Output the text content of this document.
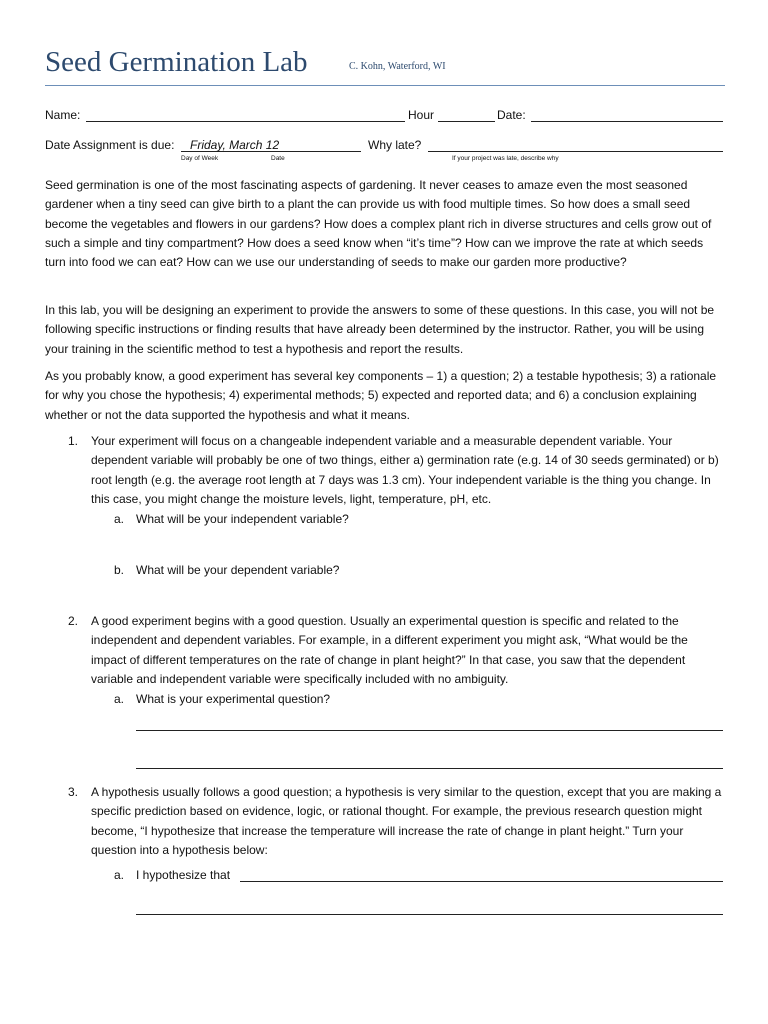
Seed Germination Lab	C. Kohn, Waterford, WI
Name:	Hour	Date:
Date Assignment is due: Friday, March 12
Day of Week	Date
Why late?
If your project was late, describe why

Seed germination is one of the most fascinating aspects of gardening. It never ceases to amaze even the most seasoned gardener when a tiny seed can give birth to a plant the can provide us with food multiple times. So how does a small seed become the vegetables and flowers in our gardens? How does a complex plant rich in diverse structures and cells grow out of such a simple and tiny compartment? How does a seed know when “it’s time”? How can we improve the rate at which seeds turn into food we can eat? How can we use our understanding of seeds to make our garden more productive?

In this lab, you will be designing an experiment to provide the answers to some of these questions. In this case, you will not be following specific instructions or finding results that have already been determined by the instructor. Rather, you will be using your training in the scientific method to test a hypothesis and report the results.

As you probably know, a good experiment has several key components – 1) a question; 2) a testable hypothesis; 3) a rationale for why you chose the hypothesis; 4) experimental methods; 5) expected and reported data; and 6) a conclusion explaining whether or not the data supported the hypothesis and what it means.

1. Your experiment will focus on a changeable independent variable and a measurable dependent variable. Your dependent variable will probably be one of two things, either a) germination rate (e.g. 14 of 30 seeds germinated) or b) root length (e.g. the average root length at 7 days was 1.3 cm). Your independent variable is the thing you change. In this case, you might change the moisture levels, light, temperature, pH, etc.

a. What will be your independent variable?
b. What will be your dependent variable?
2. A good experiment begins with a good question. Usually an experimental question is specific and related to the independent and dependent variables. For example, in a different experiment you might ask, “What would be the impact of different temperatures on the rate of change in plant height?” In that case, you saw that the dependent variable and independent variable were specifically included with no ambiguity.

a. What is your experimental question?
3. A hypothesis usually follows a good question; a hypothesis is very similar to the question, except that you are making a specific prediction based on evidence, logic, or rational thought. For example, the previous research question might become, “I hypothesize that increase the temperature will increase the rate of change in plant height.” Turn your question into a hypothesis below:

a. I hypothesize that
